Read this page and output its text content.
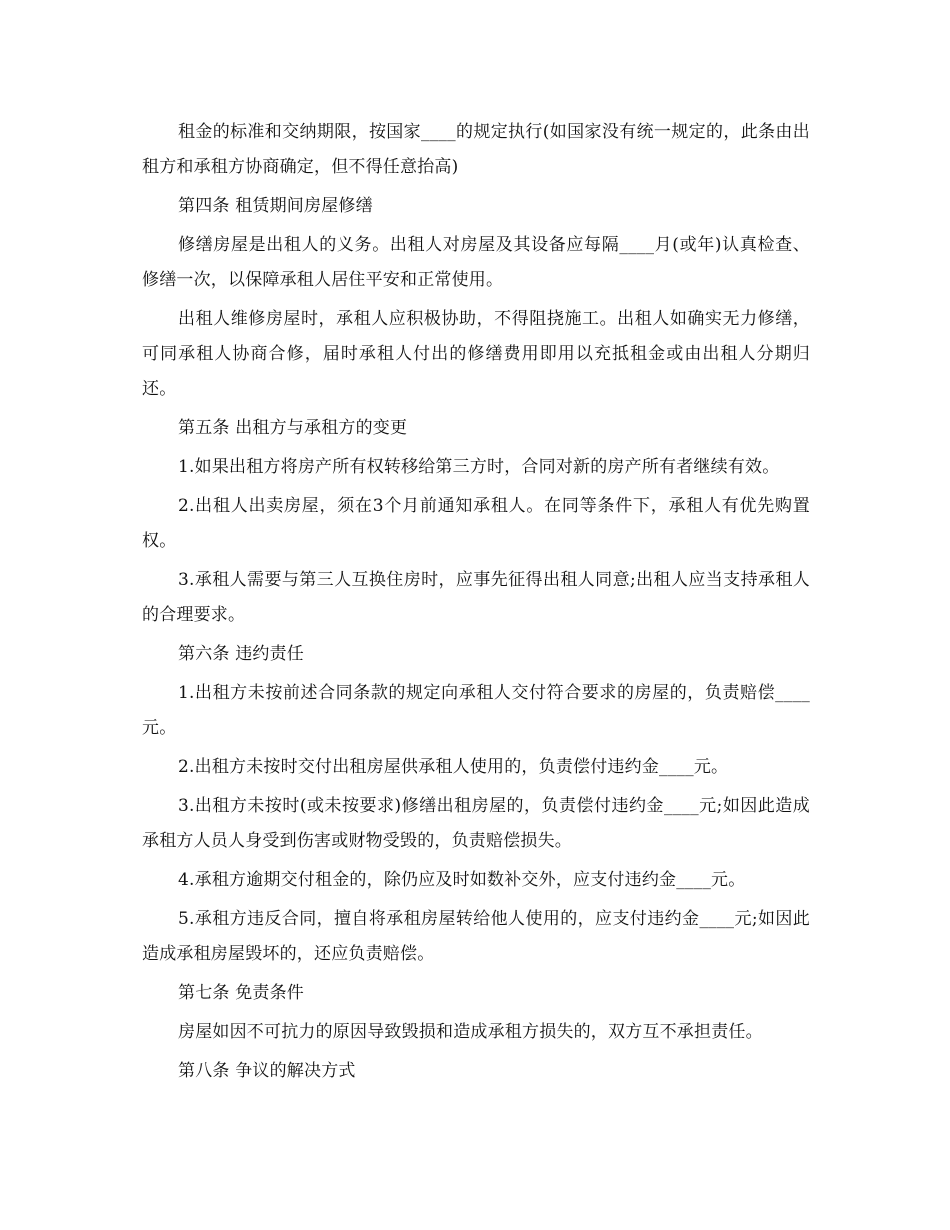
租金的标准和交纳期限，按国家____的规定执行(如国家没有统一规定的，此条由出租方和承租方协商确定，但不得任意抬高)

第四条 租赁期间房屋修缮

修缮房屋是出租人的义务。出租人对房屋及其设备应每隔____月(或年)认真检查、修缮一次，以保障承租人居住平安和正常使用。

出租人维修房屋时，承租人应积极协助，不得阻挠施工。出租人如确实无力修缮，可同承租人协商合修，届时承租人付出的修缮费用即用以充抵租金或由出租人分期归还。

第五条 出租方与承租方的变更

1.如果出租方将房产所有权转移给第三方时，合同对新的房产所有者继续有效。

2.出租人出卖房屋，须在3个月前通知承租人。在同等条件下，承租人有优先购置权。

3.承租人需要与第三人互换住房时，应事先征得出租人同意;出租人应当支持承租人的合理要求。

第六条 违约责任

1.出租方未按前述合同条款的规定向承租人交付符合要求的房屋的，负责赔偿____元。

2.出租方未按时交付出租房屋供承租人使用的，负责偿付违约金____元。

3.出租方未按时(或未按要求)修缮出租房屋的，负责偿付违约金____元;如因此造成承租方人员人身受到伤害或财物受毁的，负责赔偿损失。

4.承租方逾期交付租金的，除仍应及时如数补交外，应支付违约金____元。

5.承租方违反合同，擅自将承租房屋转给他人使用的，应支付违约金____元;如因此造成承租房屋毁坏的，还应负责赔偿。

第七条 免责条件

房屋如因不可抗力的原因导致毁损和造成承租方损失的，双方互不承担责任。

第八条 争议的解决方式
